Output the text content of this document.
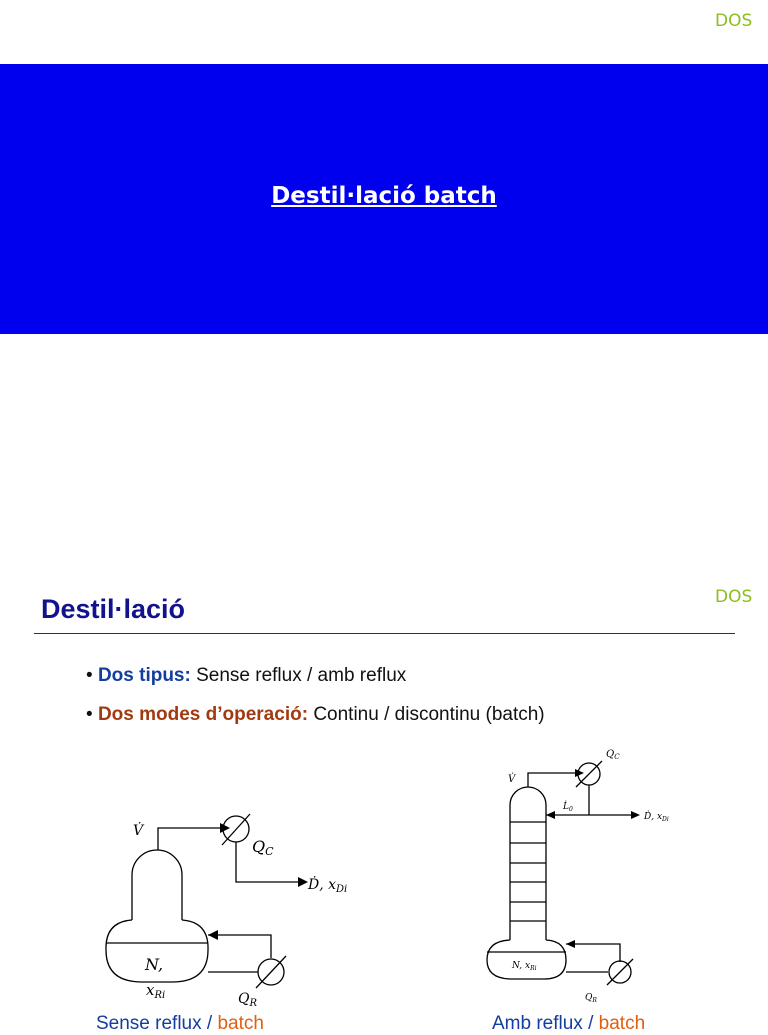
DOS
Destil·lació batch
DOS
Destil·lació
• Dos tipus: Sense reflux / amb reflux
• Dos modes d’operació: Continu / discontinu (batch)
V̇
QC
Ḋ, $x_{Di}$
N,
$x_{Ri}$	$Q_R$
V̇
$Q_C$
$L̇_0$
Ḋ, $x_{Di}$
N, $x_{Ri}$
$Q_R$
Sense reflux / batch	Amb reflux / batch
